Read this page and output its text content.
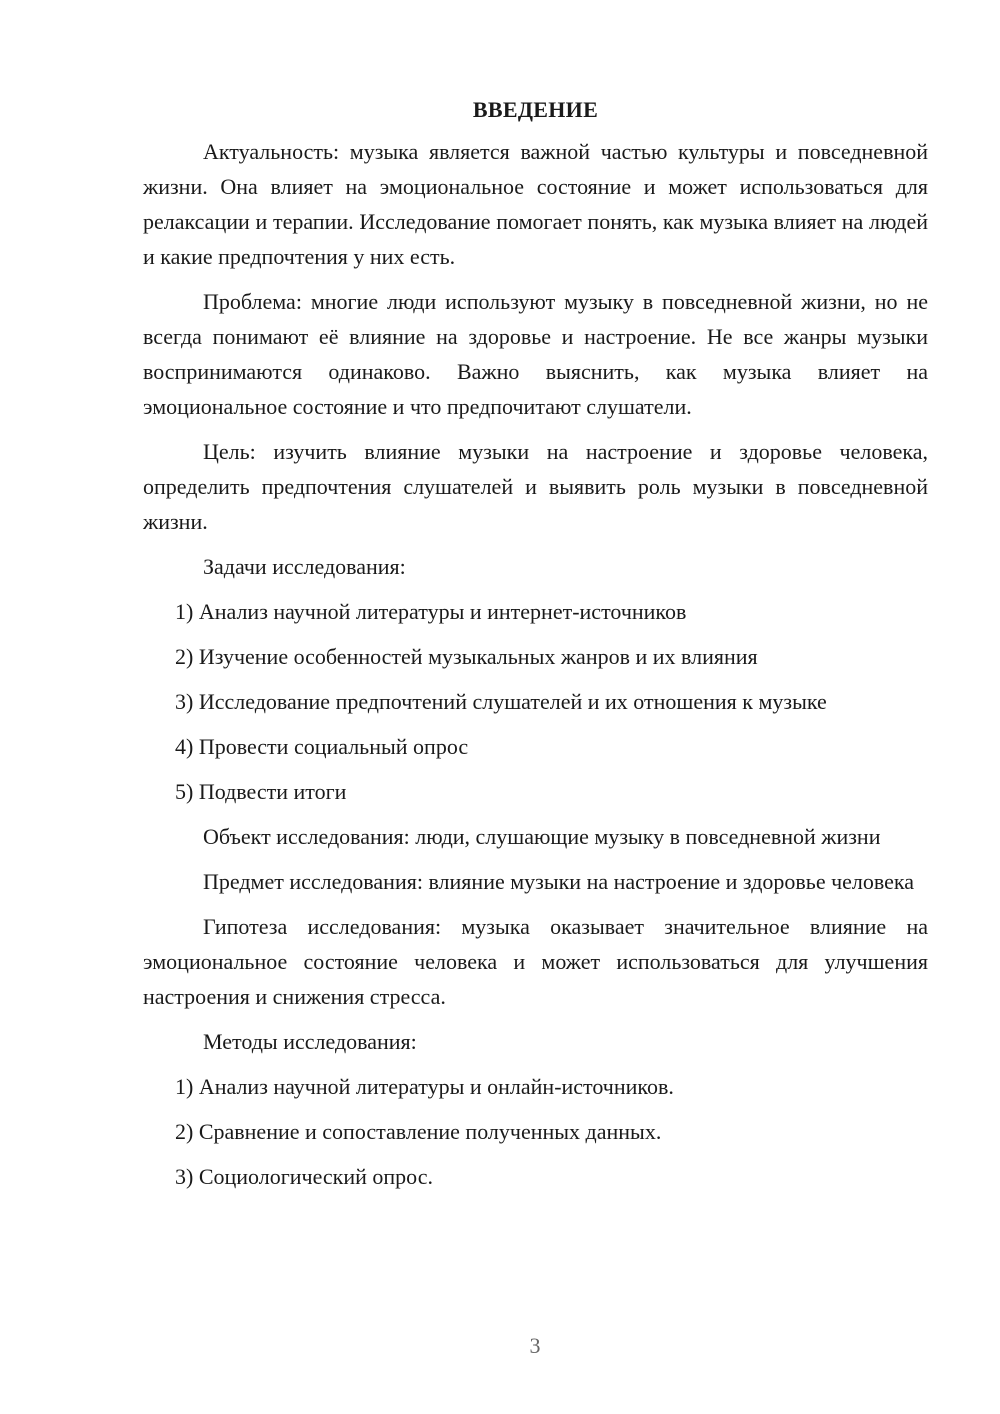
ВВЕДЕНИЕ

Актуальность: музыка является важной частью культуры и повседневной жизни. Она влияет на эмоциональное состояние и может использоваться для релаксации и терапии. Исследование помогает понять, как музыка влияет на людей и какие предпочтения у них есть.

Проблема: многие люди используют музыку в повседневной жизни, но не всегда понимают её влияние на здоровье и настроение. Не все жанры музыки воспринимаются одинаково. Важно выяснить, как музыка влияет на эмоциональное состояние и что предпочитают слушатели.

Цель: изучить влияние музыки на настроение и здоровье человека, определить предпочтения слушателей и выявить роль музыки в повседневной жизни.

Задачи исследования:

1) Анализ научной литературы и интернет-источников

2) Изучение особенностей музыкальных жанров и их влияния

3) Исследование предпочтений слушателей и их отношения к музыке

4) Провести социальный опрос

5) Подвести итоги

Объект исследования: люди, слушающие музыку в повседневной жизни

Предмет исследования: влияние музыки на настроение и здоровье человека

Гипотеза исследования: музыка оказывает значительное влияние на эмоциональное состояние человека и может использоваться для улучшения настроения и снижения стресса.

Методы исследования:

1) Анализ научной литературы и онлайн-источников.

2) Сравнение и сопоставление полученных данных.

3) Социологический опрос.

3
